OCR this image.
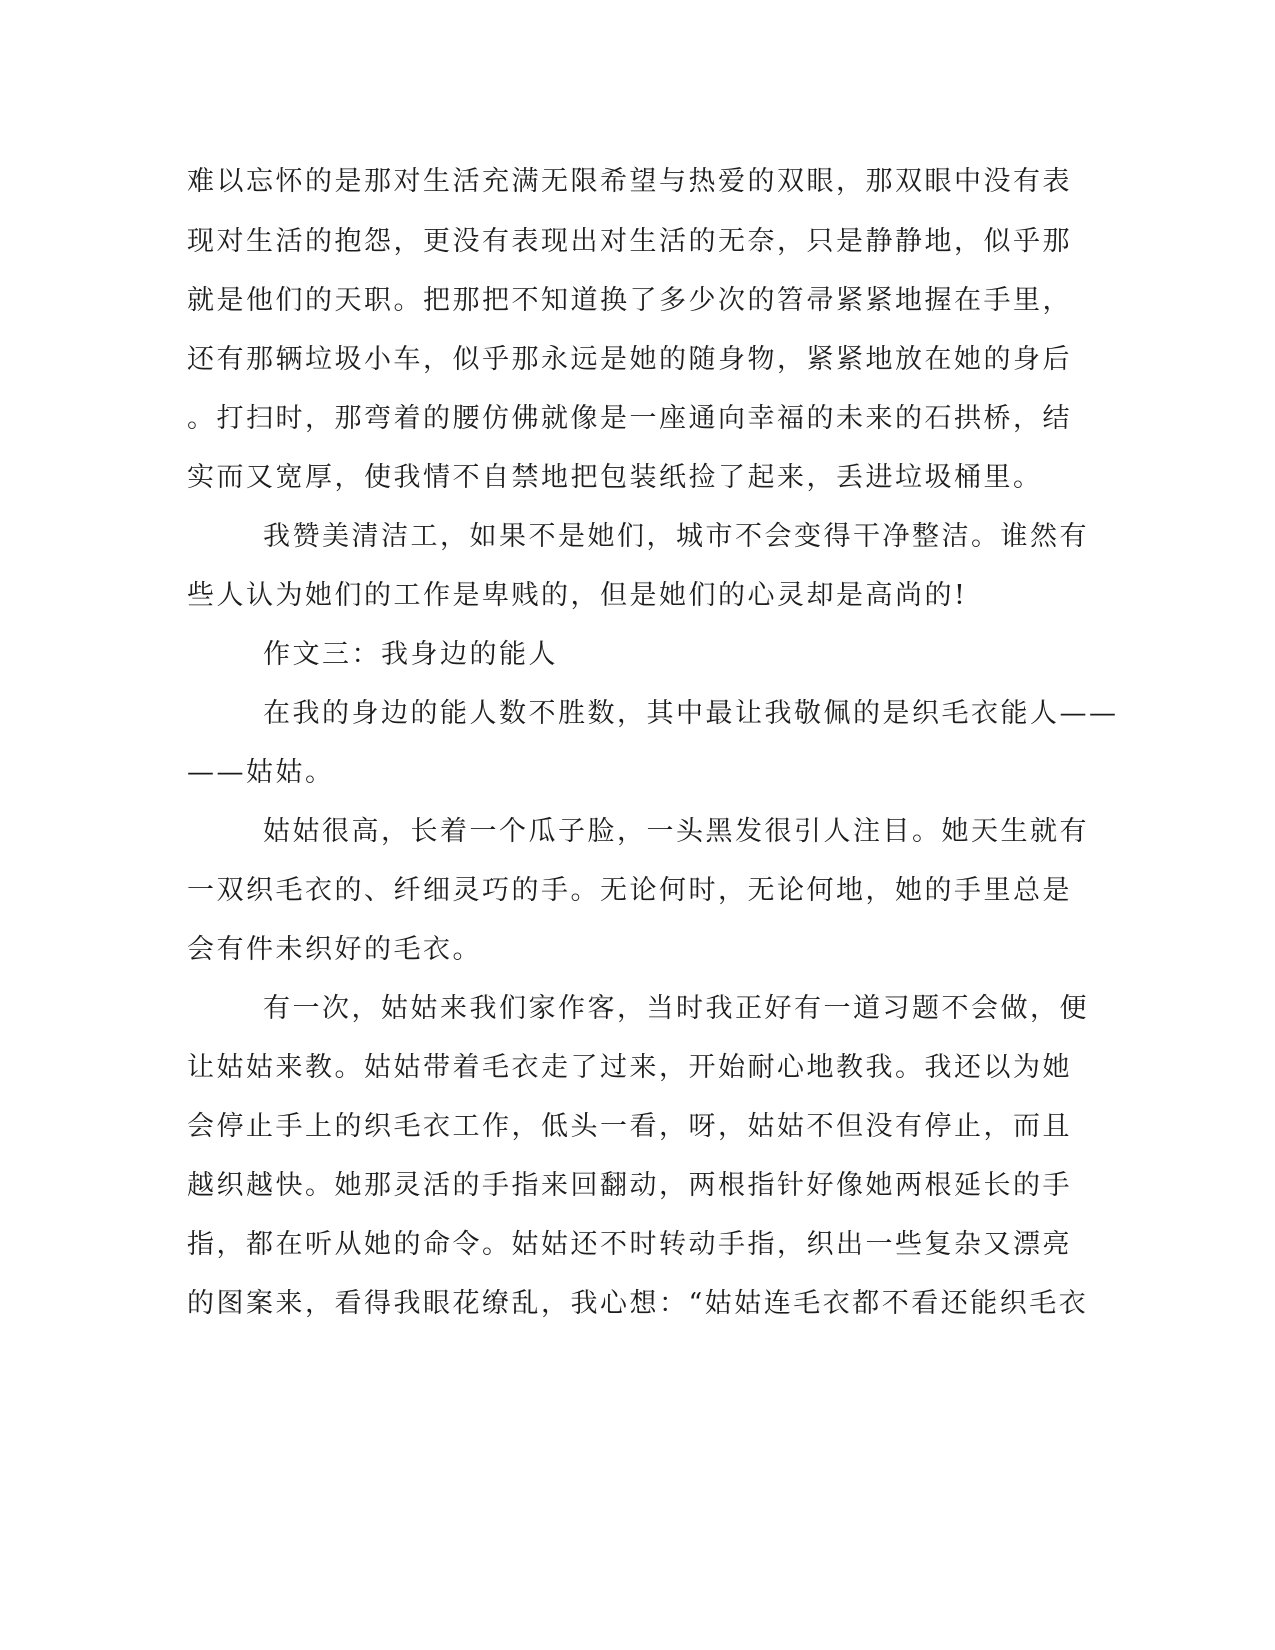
难以忘怀的是那对生活充满无限希望与热爱的双眼，那双眼中没有表
现对生活的抱怨，更没有表现出对生活的无奈，只是静静地，似乎那
就是他们的天职。把那把不知道换了多少次的笤帚紧紧地握在手里，
还有那辆垃圾小车，似乎那永远是她的随身物，紧紧地放在她的身后
。打扫时，那弯着的腰仿佛就像是一座通向幸福的未来的石拱桥，结
实而又宽厚，使我情不自禁地把包装纸捡了起来，丢进垃圾桶里。
我赞美清洁工，如果不是她们，城市不会变得干净整洁。谁然有
些人认为她们的工作是卑贱的，但是她们的心灵却是高尚的!
作文三：我身边的能人
在我的身边的能人数不胜数，其中最让我敬佩的是织毛衣能人——
——姑姑。
姑姑很高，长着一个瓜子脸，一头黑发很引人注目。她天生就有
一双织毛衣的、纤细灵巧的手。无论何时，无论何地，她的手里总是
会有件未织好的毛衣。
有一次，姑姑来我们家作客，当时我正好有一道习题不会做，便
让姑姑来教。姑姑带着毛衣走了过来，开始耐心地教我。我还以为她
会停止手上的织毛衣工作，低头一看，呀，姑姑不但没有停止，而且
越织越快。她那灵活的手指来回翻动，两根指针好像她两根延长的手
指，都在听从她的命令。姑姑还不时转动手指，织出一些复杂又漂亮
的图案来，看得我眼花缭乱，我心想：“姑姑连毛衣都不看还能织毛衣
